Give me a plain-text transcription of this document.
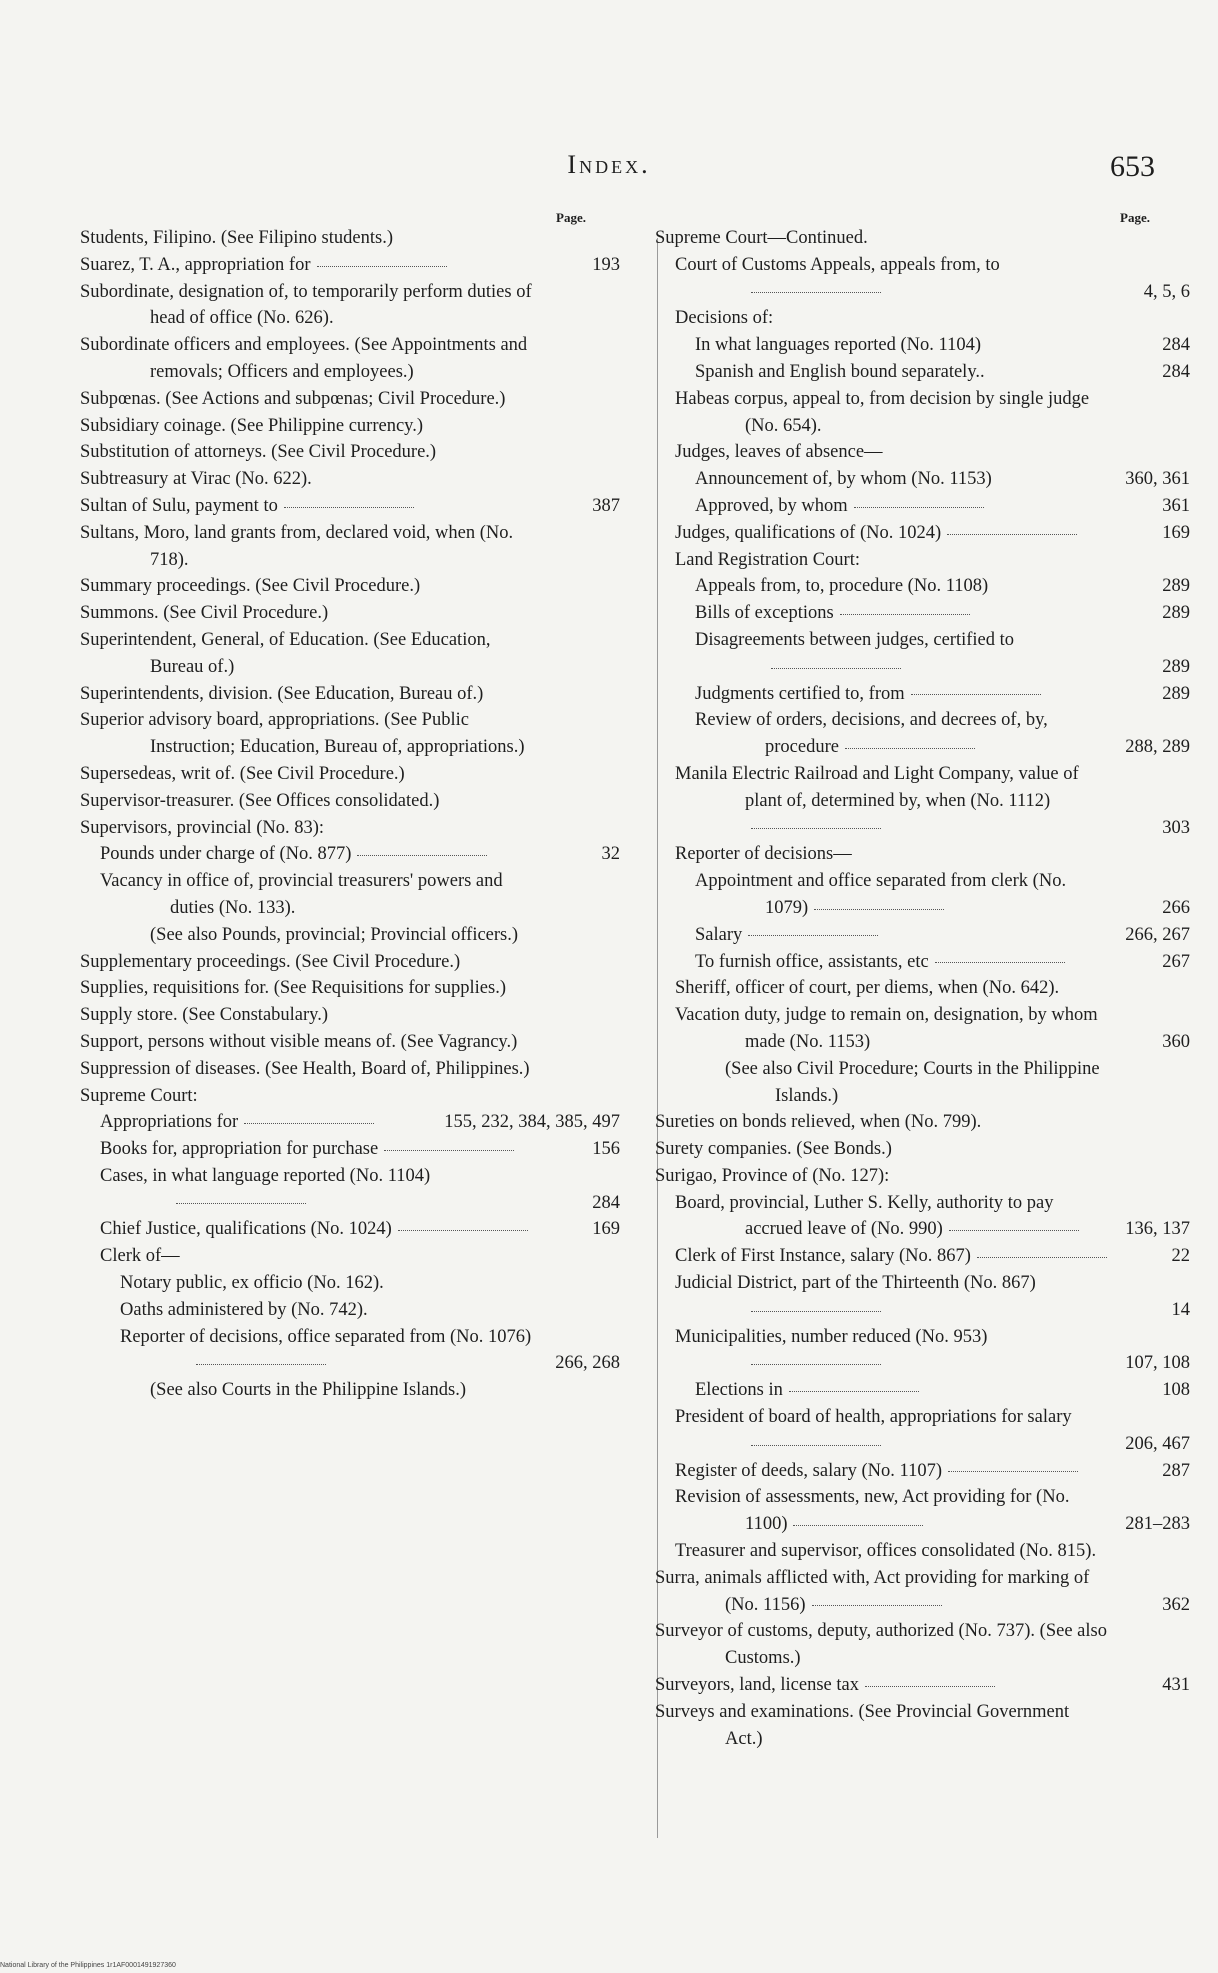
Index.	653
Page.	Page.
Students, Filipino. (See Filipino students.)
Suarez, T. A., appropriation for	193
Subordinate, designation of, to temporarily perform duties of head of office (No. 626).
Subordinate officers and employees. (See Appointments and removals; Officers and employees.)
Subpœnas. (See Actions and subpœnas; Civil Procedure.)
Subsidiary coinage. (See Philippine currency.)
Substitution of attorneys. (See Civil Procedure.)
Subtreasury at Virac (No. 622).
Sultan of Sulu, payment to	387
Sultans, Moro, land grants from, declared void, when (No. 718).
Summary proceedings. (See Civil Procedure.)
Summons. (See Civil Procedure.)
Superintendent, General, of Education. (See Education, Bureau of.)
Superintendents, division. (See Education, Bureau of.)
Superior advisory board, appropriations. (See Public Instruction; Education, Bureau of, appropriations.)
Supersedeas, writ of. (See Civil Procedure.)
Supervisor-treasurer. (See Offices consolidated.)
Supervisors, provincial (No. 83):
Pounds under charge of (No. 877)	32
Vacancy in office of, provincial treasurers' powers and duties (No. 133).
(See also Pounds, provincial; Provincial officers.)
Supplementary proceedings. (See Civil Procedure.)
Supplies, requisitions for. (See Requisitions for supplies.)
Supply store. (See Constabulary.)
Support, persons without visible means of. (See Vagrancy.)
Suppression of diseases. (See Health, Board of, Philippines.)
Supreme Court:
Appropriations for	155, 232, 384, 385, 497
Books for, appropriation for purchase	156
Cases, in what language reported (No. 1104)
284
Chief Justice, qualifications (No. 1024)	169
Clerk of—
Notary public, ex officio (No. 162).
Oaths administered by (No. 742).
Reporter of decisions, office separated from (No. 1076)
266, 268
(See also Courts in the Philippine Islands.)
Supreme Court—Continued.
Court of Customs Appeals, appeals from, to
4, 5, 6
Decisions of:
In what languages reported (No. 1104)	284
Spanish and English bound separately..	284
Habeas corpus, appeal to, from decision by single judge (No. 654).
Judges, leaves of absence—
Announcement of, by whom (No. 1153)	360, 361
Approved, by whom	361
Judges, qualifications of (No. 1024)	169
Land Registration Court:
Appeals from, to, procedure (No. 1108)	289
Bills of exceptions	289
Disagreements between judges, certified to
289
Judgments certified to, from	289
Review of orders, decisions, and decrees of, by, procedure	288, 289
Manila Electric Railroad and Light Company, value of plant of, determined by, when (No. 1112)
303
Reporter of decisions—
Appointment and office separated from clerk (No. 1079)	266
Salary	266, 267
To furnish office, assistants, etc	267
Sheriff, officer of court, per diems, when (No. 642).
Vacation duty, judge to remain on, designation, by whom made (No. 1153)	360
(See also Civil Procedure; Courts in the Philippine Islands.)
Sureties on bonds relieved, when (No. 799).
Surety companies. (See Bonds.)
Surigao, Province of (No. 127):
Board, provincial, Luther S. Kelly, authority to pay accrued leave of (No. 990)	136, 137
Clerk of First Instance, salary (No. 867)	22
Judicial District, part of the Thirteenth (No. 867)
14
Municipalities, number reduced (No. 953)
107, 108
Elections in	108
President of board of health, appropriations for salary
206, 467
Register of deeds, salary (No. 1107)	287
Revision of assessments, new, Act providing for (No. 1100)	281–283
Treasurer and supervisor, offices consolidated (No. 815).
Surra, animals afflicted with, Act providing for marking of (No. 1156)	362
Surveyor of customs, deputy, authorized (No. 737). (See also Customs.)
Surveyors, land, license tax	431
Surveys and examinations. (See Provincial Government Act.)
National Library of the Philippines 1r1AF0001491927360
